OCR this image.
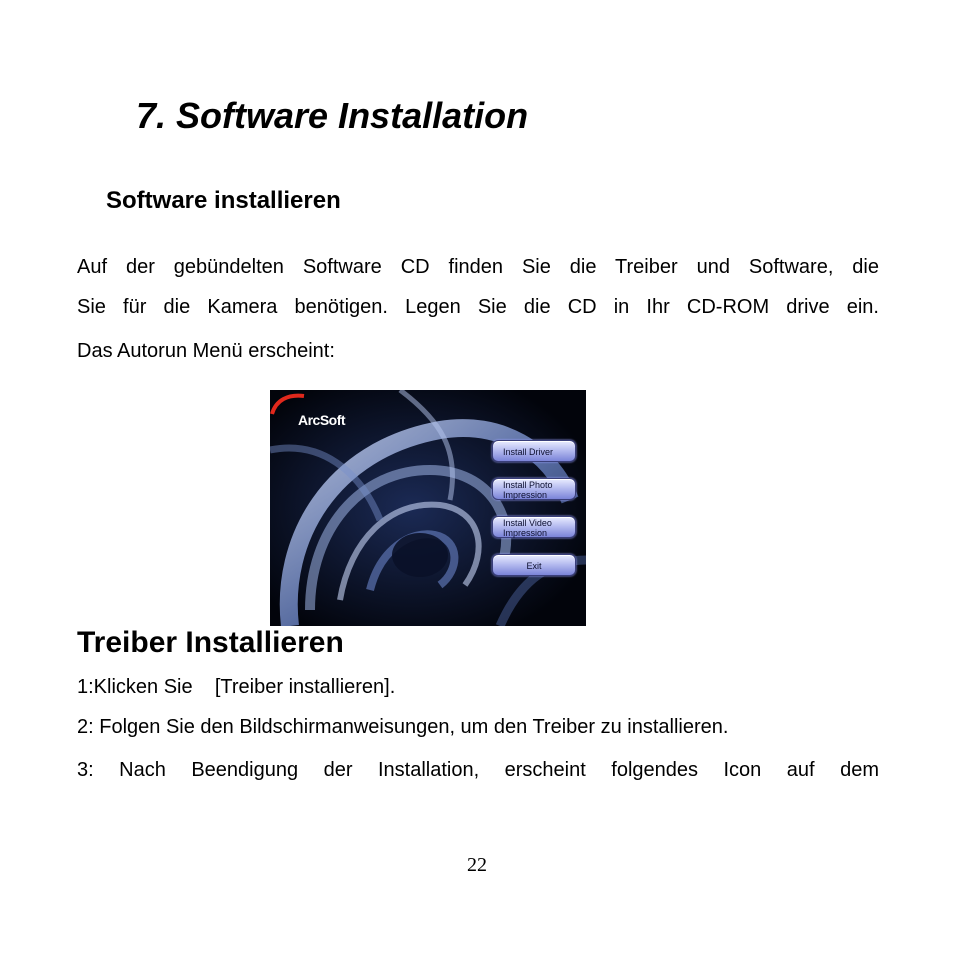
7. Software Installation
Software installieren
Auf der gebündelten Software CD finden Sie die Treiber und Software, die
Sie für die Kamera benötigen. Legen Sie die CD in Ihr CD-ROM drive ein.
Das Autorun Menü erscheint:
ArcSoft
Install Driver
Install Photo
Impression
Install Video
Impression
Exit
Treiber Installieren
1:Klicken Sie    [Treiber installieren].
2: Folgen Sie den Bildschirmanweisungen, um den Treiber zu installieren.
3: Nach Beendigung der Installation, erscheint folgendes Icon auf dem
22
